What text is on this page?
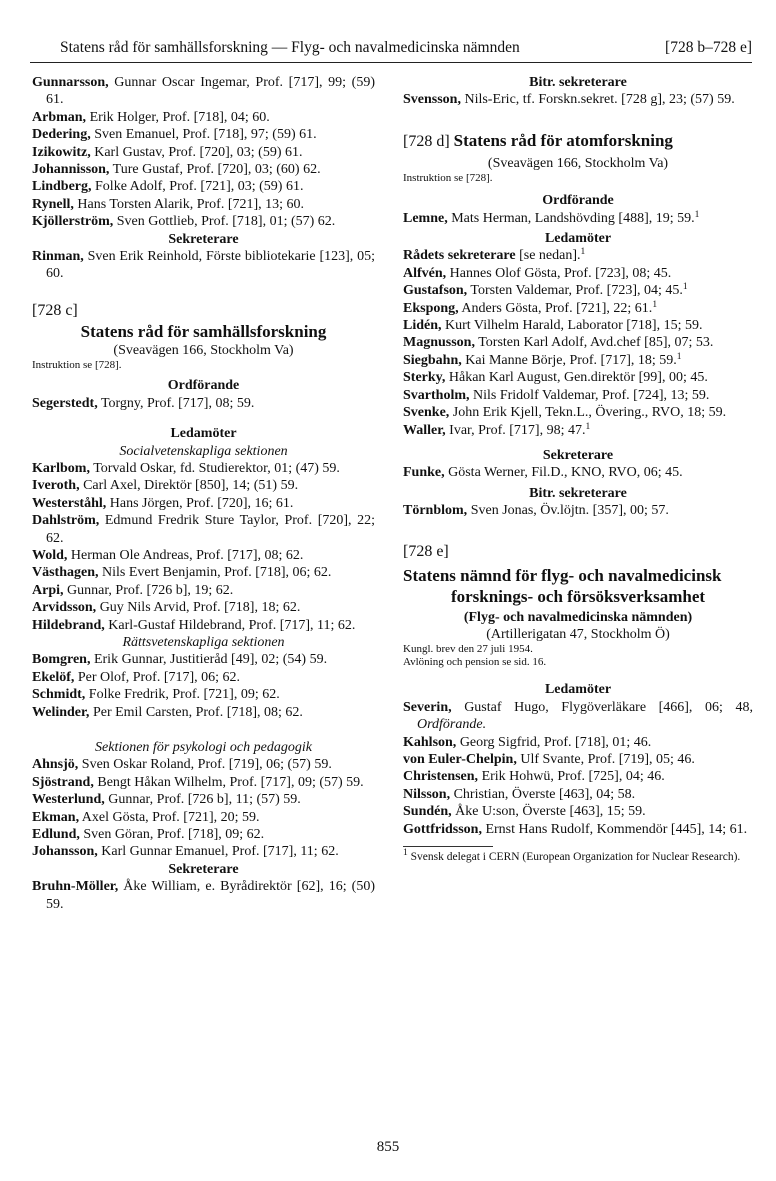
Statens råd för samhällsforskning — Flyg- och navalmedicinska nämnden	[728 b–728 e]

Gunnarsson, Gunnar Oscar Ingemar, Prof. [717], 99; (59) 61.

Arbman, Erik Holger, Prof. [718], 04; 60.

Dedering, Sven Emanuel, Prof. [718], 97; (59) 61.

Izikowitz, Karl Gustav, Prof. [720], 03; (59) 61.

Johannisson, Ture Gustaf, Prof. [720], 03; (60) 62.

Lindberg, Folke Adolf, Prof. [721], 03; (59) 61.

Rynell, Hans Torsten Alarik, Prof. [721], 13; 60.

Kjöllerström, Sven Gottlieb, Prof. [718], 01; (57) 62.

Sekreterare

Rinman, Sven Erik Reinhold, Förste bibliotekarie [123], 05; 60.

[728 c]

Statens råd för samhällsforskning

(Sveavägen 166, Stockholm Va)

Instruktion se [728].

Ordförande

Segerstedt, Torgny, Prof. [717], 08; 59.

Ledamöter

Socialvetenskapliga sektionen

Karlbom, Torvald Oskar, fd. Studierektor, 01; (47) 59.

Iveroth, Carl Axel, Direktör [850], 14; (51) 59.

Westerståhl, Hans Jörgen, Prof. [720], 16; 61.

Dahlström, Edmund Fredrik Sture Taylor, Prof. [720], 22; 62.

Wold, Herman Ole Andreas, Prof. [717], 08; 62.

Västhagen, Nils Evert Benjamin, Prof. [718], 06; 62.

Arpi, Gunnar, Prof. [726 b], 19; 62.

Arvidsson, Guy Nils Arvid, Prof. [718], 18; 62.

Hildebrand, Karl-Gustaf Hildebrand, Prof. [717], 11; 62.

Rättsvetenskapliga sektionen

Bomgren, Erik Gunnar, Justitieråd [49], 02; (54) 59.

Ekelöf, Per Olof, Prof. [717], 06; 62.

Schmidt, Folke Fredrik, Prof. [721], 09; 62.

Welinder, Per Emil Carsten, Prof. [718], 08; 62.

Sektionen för psykologi och pedagogik

Ahnsjö, Sven Oskar Roland, Prof. [719], 06; (57) 59.

Sjöstrand, Bengt Håkan Wilhelm, Prof. [717], 09; (57) 59.

Westerlund, Gunnar, Prof. [726 b], 11; (57) 59.

Ekman, Axel Gösta, Prof. [721], 20; 59.

Edlund, Sven Göran, Prof. [718], 09; 62.

Johansson, Karl Gunnar Emanuel, Prof. [717], 11; 62.

Sekreterare

Bruhn-Möller, Åke William, e. Byrådirektör [62], 16; (50) 59.

Bitr. sekreterare

Svensson, Nils-Eric, tf. Forskn.sekret. [728 g], 23; (57) 59.

[728 d] Statens råd för atomforskning

(Sveavägen 166, Stockholm Va)

Instruktion se [728].

Ordförande

Lemne, Mats Herman, Landshövding [488], 19; 59.$^1$

Ledamöter

Rådets sekreterare [se nedan].$^1$

Alfvén, Hannes Olof Gösta, Prof. [723], 08; 45.

Gustafson, Torsten Valdemar, Prof. [723], 04; 45.$^1$

Ekspong, Anders Gösta, Prof. [721], 22; 61.$^1$

Lidén, Kurt Vilhelm Harald, Laborator [718], 15; 59.

Magnusson, Torsten Karl Adolf, Avd.chef [85], 07; 53.

Siegbahn, Kai Manne Börje, Prof. [717], 18; 59.$^1$

Sterky, Håkan Karl August, Gen.direktör [99], 00; 45.

Svartholm, Nils Fridolf Valdemar, Prof. [724], 13; 59.

Svenke, John Erik Kjell, Tekn.L., Övering., RVO, 18; 59.

Waller, Ivar, Prof. [717], 98; 47.$^1$

Sekreterare

Funke, Gösta Werner, Fil.D., KNO, RVO, 06; 45.

Bitr. sekreterare

Törnblom, Sven Jonas, Öv.löjtn. [357], 00; 57.

[728 e]

Statens nämnd för flyg- och navalmedicinsk

forsknings- och försöksverksamhet

(Flyg- och navalmedicinska nämnden)

(Artillerigatan 47, Stockholm Ö)

Kungl. brev den 27 juli 1954.

Avlöning och pension se sid. 16.

Ledamöter

Severin, Gustaf Hugo, Flygöverläkare [466], 06; 48, Ordförande.

Kahlson, Georg Sigfrid, Prof. [718], 01; 46.

von Euler-Chelpin, Ulf Svante, Prof. [719], 05; 46.

Christensen, Erik Hohwü, Prof. [725], 04; 46.

Nilsson, Christian, Överste [463], 04; 58.

Sundén, Åke U:son, Överste [463], 15; 59.

Gottfridsson, Ernst Hans Rudolf, Kommendör [445], 14; 61.

$^1$ Svensk delegat i CERN (European Organization for Nuclear Research).

855
